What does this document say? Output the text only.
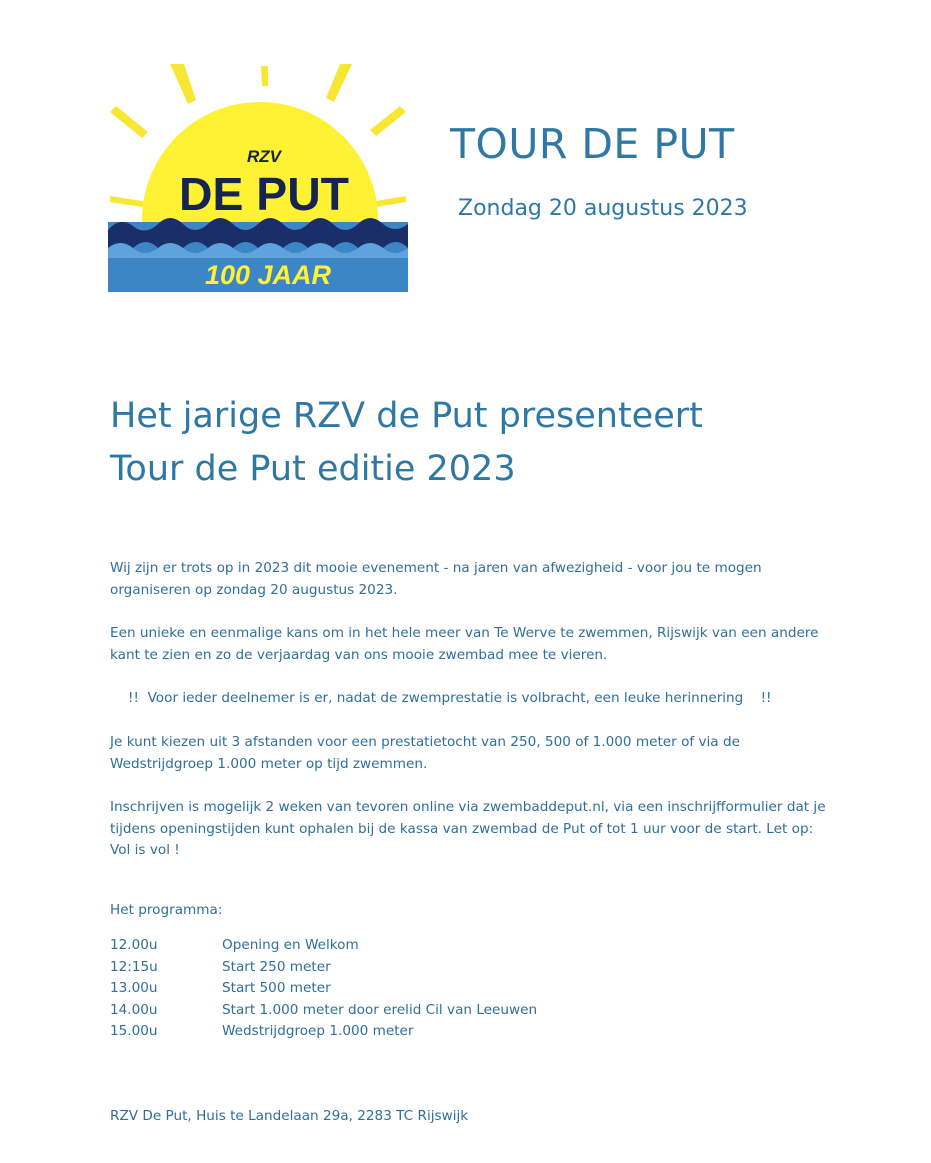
RZV
DE PUT
100 JAAR
TOUR DE PUT
Zondag 20 augustus 2023
Het jarige RZV de Put presenteert
Tour de Put editie 2023
Wij zijn er trots op in 2023 dit mooie evenement - na jaren van afwezigheid - voor jou te mogen organiseren op zondag 20 augustus 2023.
Een unieke en eenmalige kans om in het hele meer van Te Werve te zwemmen, Rijswijk van een andere kant te zien en zo de verjaardag van ons mooie zwembad mee te vieren.
!! Voor ieder deelnemer is er, nadat de zwemprestatie is volbracht, een leuke herinnering !!
Je kunt kiezen uit 3 afstanden voor een prestatietocht van 250, 500 of 1.000 meter of via de Wedstrijdgroep 1.000 meter op tijd zwemmen.
Inschrijven is mogelijk 2 weken van tevoren online via zwembaddeput.nl, via een inschrijfformulier dat je tijdens openingstijden kunt ophalen bij de kassa van zwembad de Put of tot 1 uur voor de start. Let op: Vol is vol !
Het programma:
12.00u	Opening en Welkom
12:15u	Start 250 meter
13.00u	Start 500 meter
14.00u	Start 1.000 meter door erelid Cil van Leeuwen
15.00u	Wedstrijdgroep 1.000 meter
RZV De Put, Huis te Landelaan 29a, 2283 TC Rijswijk
